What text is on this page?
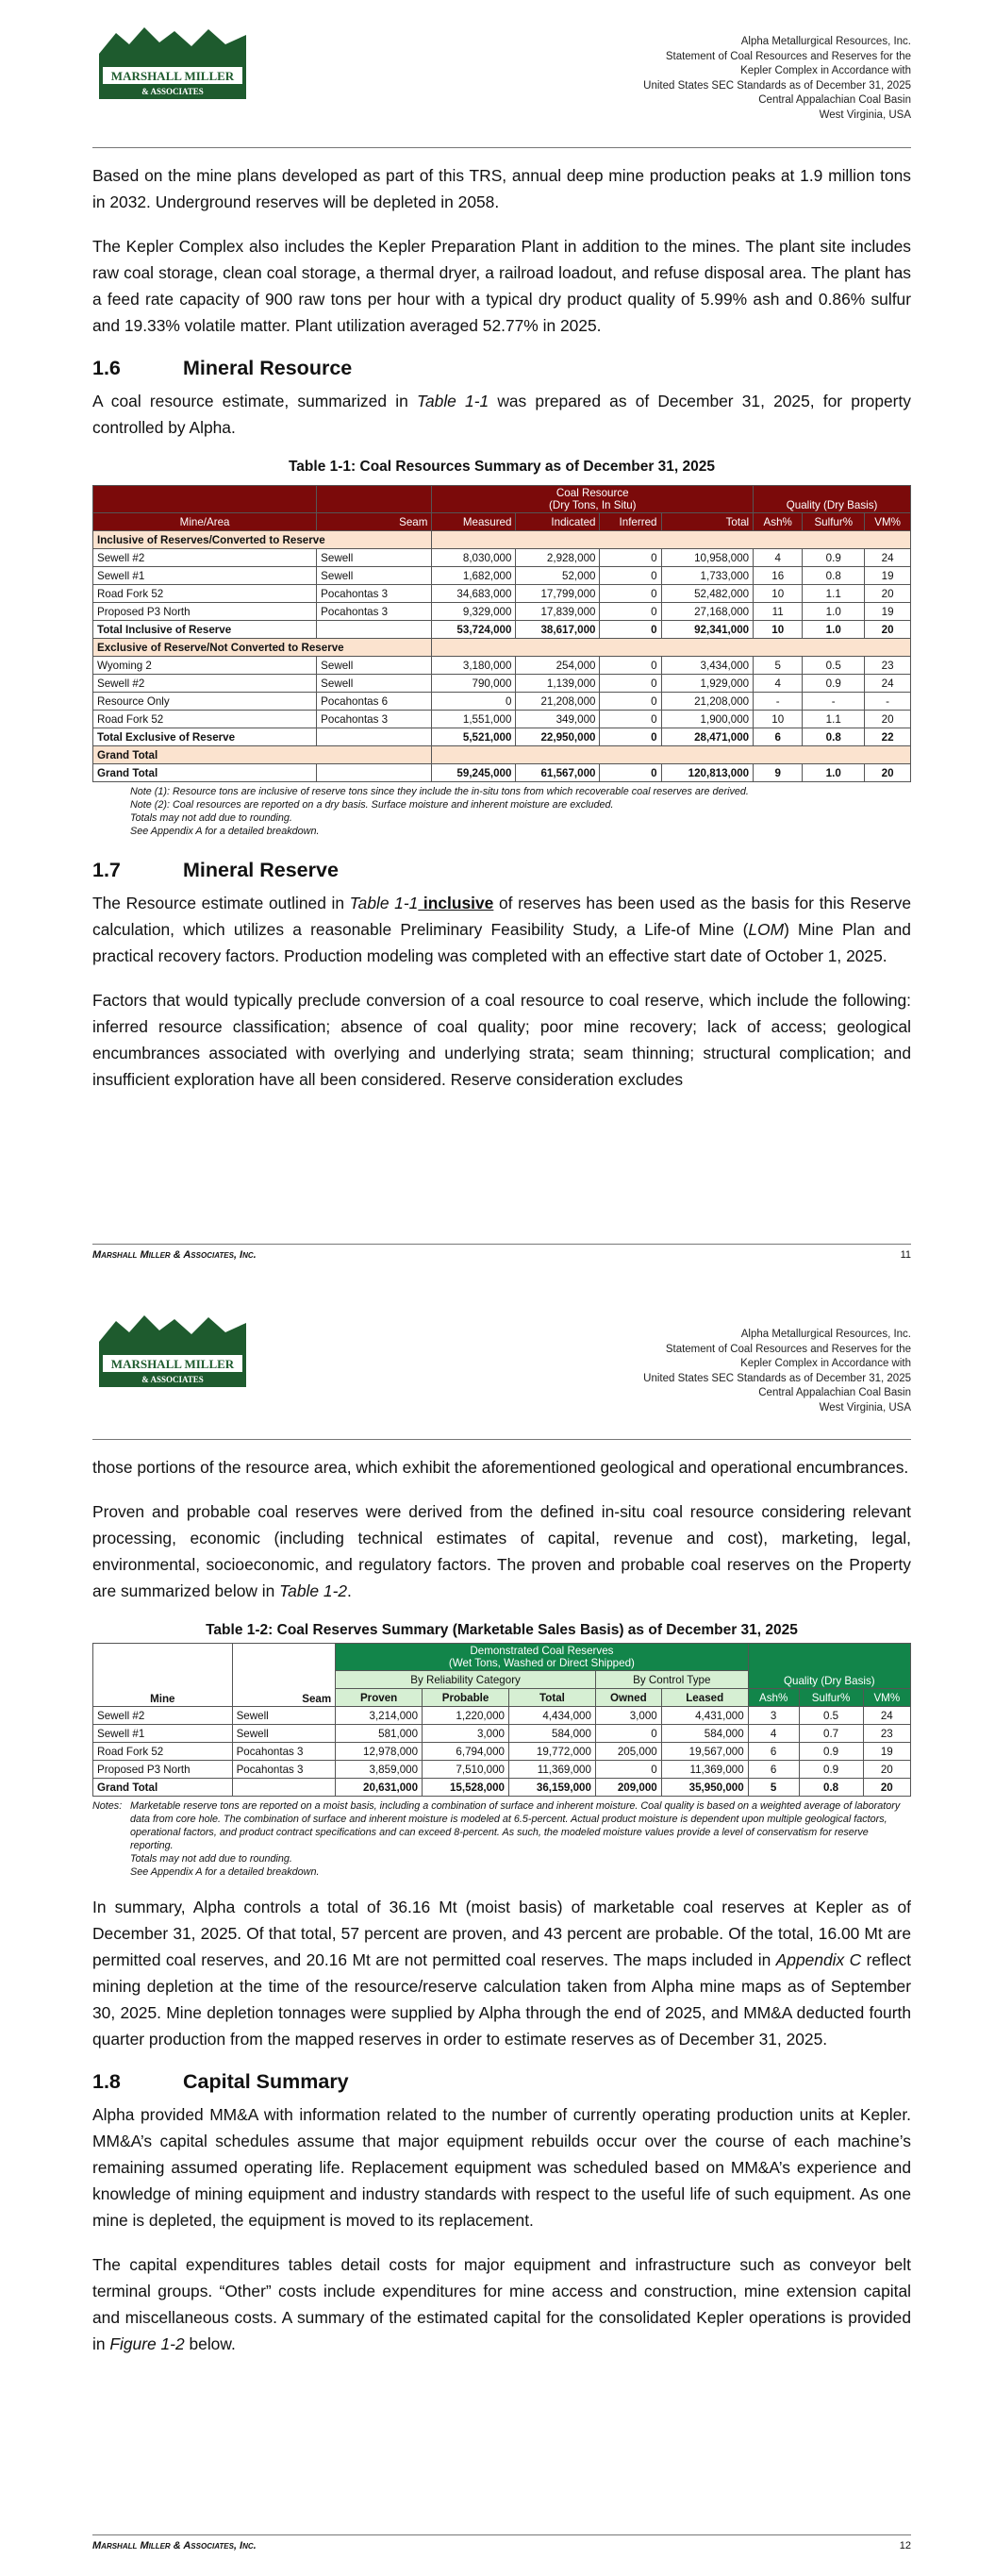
MARSHALL MILLER
& ASSOCIATES
Alpha Metallurgical Resources, Inc.
Statement of Coal Resources and Reserves for the
Kepler Complex in Accordance with
United States SEC Standards as of December 31, 2025
Central Appalachian Coal Basin
West Virginia, USA

Based on the mine plans developed as part of this TRS, annual deep mine production peaks at 1.9 million tons in 2032. Underground reserves will be depleted in 2058.

The Kepler Complex also includes the Kepler Preparation Plant in addition to the mines. The plant site includes raw coal storage, clean coal storage, a thermal dryer, a railroad loadout, and refuse disposal area. The plant has a feed rate capacity of 900 raw tons per hour with a typical dry product quality of 5.99% ash and 0.86% sulfur and 19.33% volatile matter. Plant utilization averaged 52.77% in 2025.

1.6	Mineral Resource

A coal resource estimate, summarized in Table 1-1 was prepared as of December 31, 2025, for property controlled by Alpha.

Table 1-1: Coal Resources Summary as of December 31, 2025

		Coal Resource
(Dry Tons, In Situ)				Quality (Dry Basis)		
Mine/Area	Seam	Measured	Indicated	Inferred	Total	Ash%	Sulfur%	VM%
Inclusive of Reserves/Converted to Reserve								
Sewell #2	Sewell	8,030,000	2,928,000	0	10,958,000	4	0.9	24
Sewell #1	Sewell	1,682,000	52,000	0	1,733,000	16	0.8	19
Road Fork 52	Pocahontas 3	34,683,000	17,799,000	0	52,482,000	10	1.1	20
Proposed P3 North	Pocahontas 3	9,329,000	17,839,000	0	27,168,000	11	1.0	19
Total Inclusive of Reserve		53,724,000	38,617,000	0	92,341,000	10	1.0	20
Exclusive of Reserve/Not Converted to Reserve								
Wyoming 2	Sewell	3,180,000	254,000	0	3,434,000	5	0.5	23
Sewell #2	Sewell	790,000	1,139,000	0	1,929,000	4	0.9	24
Resource Only	Pocahontas 6	0	21,208,000	0	21,208,000	-	-	-
Road Fork 52	Pocahontas 3	1,551,000	349,000	0	1,900,000	10	1.1	20
Total Exclusive of Reserve		5,521,000	22,950,000	0	28,471,000	6	0.8	22
Grand Total								
Grand Total		59,245,000	61,567,000	0	120,813,000	9	1.0	20
Note (1): Resource tons are inclusive of reserve tons since they include the in-situ tons from which recoverable coal reserves are derived.
Note (2): Coal resources are reported on a dry basis. Surface moisture and inherent moisture are excluded.
Totals may not add due to rounding.
See Appendix A for a detailed breakdown.
1.7	Mineral Reserve

The Resource estimate outlined in Table 1-1 inclusive of reserves has been used as the basis for this Reserve calculation, which utilizes a reasonable Preliminary Feasibility Study, a Life-of Mine (LOM) Mine Plan and practical recovery factors. Production modeling was completed with an effective start date of October 1, 2025.

Factors that would typically preclude conversion of a coal resource to coal reserve, which include the following: inferred resource classification; absence of coal quality; poor mine recovery; lack of access; geological encumbrances associated with overlying and underlying strata; seam thinning; structural complication; and insufficient exploration have all been considered. Reserve consideration excludes

Marshall Miller & Associates, Inc.	11
MARSHALL MILLER
& ASSOCIATES
Alpha Metallurgical Resources, Inc.
Statement of Coal Resources and Reserves for the
Kepler Complex in Accordance with
United States SEC Standards as of December 31, 2025
Central Appalachian Coal Basin
West Virginia, USA

those portions of the resource area, which exhibit the aforementioned geological and operational encumbrances.

Proven and probable coal reserves were derived from the defined in-situ coal resource considering relevant processing, economic (including technical estimates of capital, revenue and cost), marketing, legal, environmental, socioeconomic, and regulatory factors. The proven and probable coal reserves on the Property are summarized below in Table 1-2.

Table 1-2: Coal Reserves Summary (Marketable Sales Basis) as of December 31, 2025
Mine	Seam	Demonstrated Coal Reserves
(Wet Tons, Washed or Direct Shipped)					Quality (Dry Basis)		
		By Reliability Category			By Control Type				
		Proven	Probable	Total	Owned	Leased	Ash%	Sulfur%	VM%
Sewell #2	Sewell	3,214,000	1,220,000	4,434,000	3,000	4,431,000	3	0.5	24
Sewell #1	Sewell	581,000	3,000	584,000	0	584,000	4	0.7	23
Road Fork 52	Pocahontas 3	12,978,000	6,794,000	19,772,000	205,000	19,567,000	6	0.9	19
Proposed P3 North	Pocahontas 3	3,859,000	7,510,000	11,369,000	0	11,369,000	6	0.9	20
Grand Total		20,631,000	15,528,000	36,159,000	209,000	35,950,000	5	0.8	20
Notes: Marketable reserve tons are reported on a moist basis, including a combination of surface and inherent moisture. Coal quality is based on a weighted average of laboratory data from core hole. The combination of surface and inherent moisture is modeled at 6.5-percent. Actual product moisture is dependent upon multiple geological factors, operational factors, and product contract specifications and can exceed 8-percent. As such, the modeled moisture values provide a level of conservatism for reserve reporting.
Totals may not add due to rounding.
See Appendix A for a detailed breakdown.

In summary, Alpha controls a total of 36.16 Mt (moist basis) of marketable coal reserves at Kepler as of December 31, 2025. Of that total, 57 percent are proven, and 43 percent are probable. Of the total, 16.00 Mt are permitted coal reserves, and 20.16 Mt are not permitted coal reserves. The maps included in Appendix C reflect mining depletion at the time of the resource/reserve calculation taken from Alpha mine maps as of September 30, 2025. Mine depletion tonnages were supplied by Alpha through the end of 2025, and MM&A deducted fourth quarter production from the mapped reserves in order to estimate reserves as of December 31, 2025.

1.8	Capital Summary

Alpha provided MM&A with information related to the number of currently operating production units at Kepler. MM&A’s capital schedules assume that major equipment rebuilds occur over the course of each machine’s remaining assumed operating life. Replacement equipment was scheduled based on MM&A’s experience and knowledge of mining equipment and industry standards with respect to the useful life of such equipment. As one mine is depleted, the equipment is moved to its replacement.

The capital expenditures tables detail costs for major equipment and infrastructure such as conveyor belt terminal groups. “Other” costs include expenditures for mine access and construction, mine extension capital and miscellaneous costs. A summary of the estimated capital for the consolidated Kepler operations is provided in Figure 1-2 below.

Marshall Miller & Associates, Inc.	12
